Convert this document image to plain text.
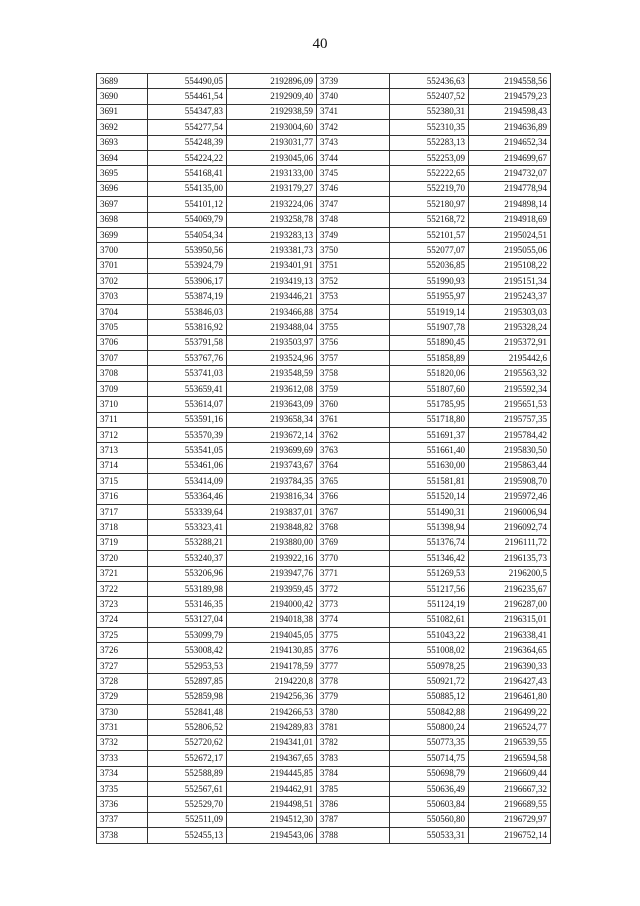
40
3689	554490,05	2192896,09	3739	552436,63	2194558,56
3690	554461,54	2192909,40	3740	552407,52	2194579,23
3691	554347,83	2192938,59	3741	552380,31	2194598,43
3692	554277,54	2193004,60	3742	552310,35	2194636,89
3693	554248,39	2193031,77	3743	552283,13	2194652,34
3694	554224,22	2193045,06	3744	552253,09	2194699,67
3695	554168,41	2193133,00	3745	552222,65	2194732,07
3696	554135,00	2193179,27	3746	552219,70	2194778,94
3697	554101,12	2193224,06	3747	552180,97	2194898,14
3698	554069,79	2193258,78	3748	552168,72	2194918,69
3699	554054,34	2193283,13	3749	552101,57	2195024,51
3700	553950,56	2193381,73	3750	552077,07	2195055,06
3701	553924,79	2193401,91	3751	552036,85	2195108,22
3702	553906,17	2193419,13	3752	551990,93	2195151,34
3703	553874,19	2193446,21	3753	551955,97	2195243,37
3704	553846,03	2193466,88	3754	551919,14	2195303,03
3705	553816,92	2193488,04	3755	551907,78	2195328,24
3706	553791,58	2193503,97	3756	551890,45	2195372,91
3707	553767,76	2193524,96	3757	551858,89	2195442,6
3708	553741,03	2193548,59	3758	551820,06	2195563,32
3709	553659,41	2193612,08	3759	551807,60	2195592,34
3710	553614,07	2193643,09	3760	551785,95	2195651,53
3711	553591,16	2193658,34	3761	551718,80	2195757,35
3712	553570,39	2193672,14	3762	551691,37	2195784,42
3713	553541,05	2193699,69	3763	551661,40	2195830,50
3714	553461,06	2193743,67	3764	551630,00	2195863,44
3715	553414,09	2193784,35	3765	551581,81	2195908,70
3716	553364,46	2193816,34	3766	551520,14	2195972,46
3717	553339,64	2193837,01	3767	551490,31	2196006,94
3718	553323,41	2193848,82	3768	551398,94	2196092,74
3719	553288,21	2193880,00	3769	551376,74	2196111,72
3720	553240,37	2193922,16	3770	551346,42	2196135,73
3721	553206,96	2193947,76	3771	551269,53	2196200,5
3722	553189,98	2193959,45	3772	551217,56	2196235,67
3723	553146,35	2194000,42	3773	551124,19	2196287,00
3724	553127,04	2194018,38	3774	551082,61	2196315,01
3725	553099,79	2194045,05	3775	551043,22	2196338,41
3726	553008,42	2194130,85	3776	551008,02	2196364,65
3727	552953,53	2194178,59	3777	550978,25	2196390,33
3728	552897,85	2194220,8	3778	550921,72	2196427,43
3729	552859,98	2194256,36	3779	550885,12	2196461,80
3730	552841,48	2194266,53	3780	550842,88	2196499,22
3731	552806,52	2194289,83	3781	550800,24	2196524,77
3732	552720,62	2194341,01	3782	550773,35	2196539,55
3733	552672,17	2194367,65	3783	550714,75	2196594,58
3734	552588,89	2194445,85	3784	550698,79	2196609,44
3735	552567,61	2194462,91	3785	550636,49	2196667,32
3736	552529,70	2194498,51	3786	550603,84	2196689,55
3737	552511,09	2194512,30	3787	550560,80	2196729,97
3738	552455,13	2194543,06	3788	550533,31	2196752,14
